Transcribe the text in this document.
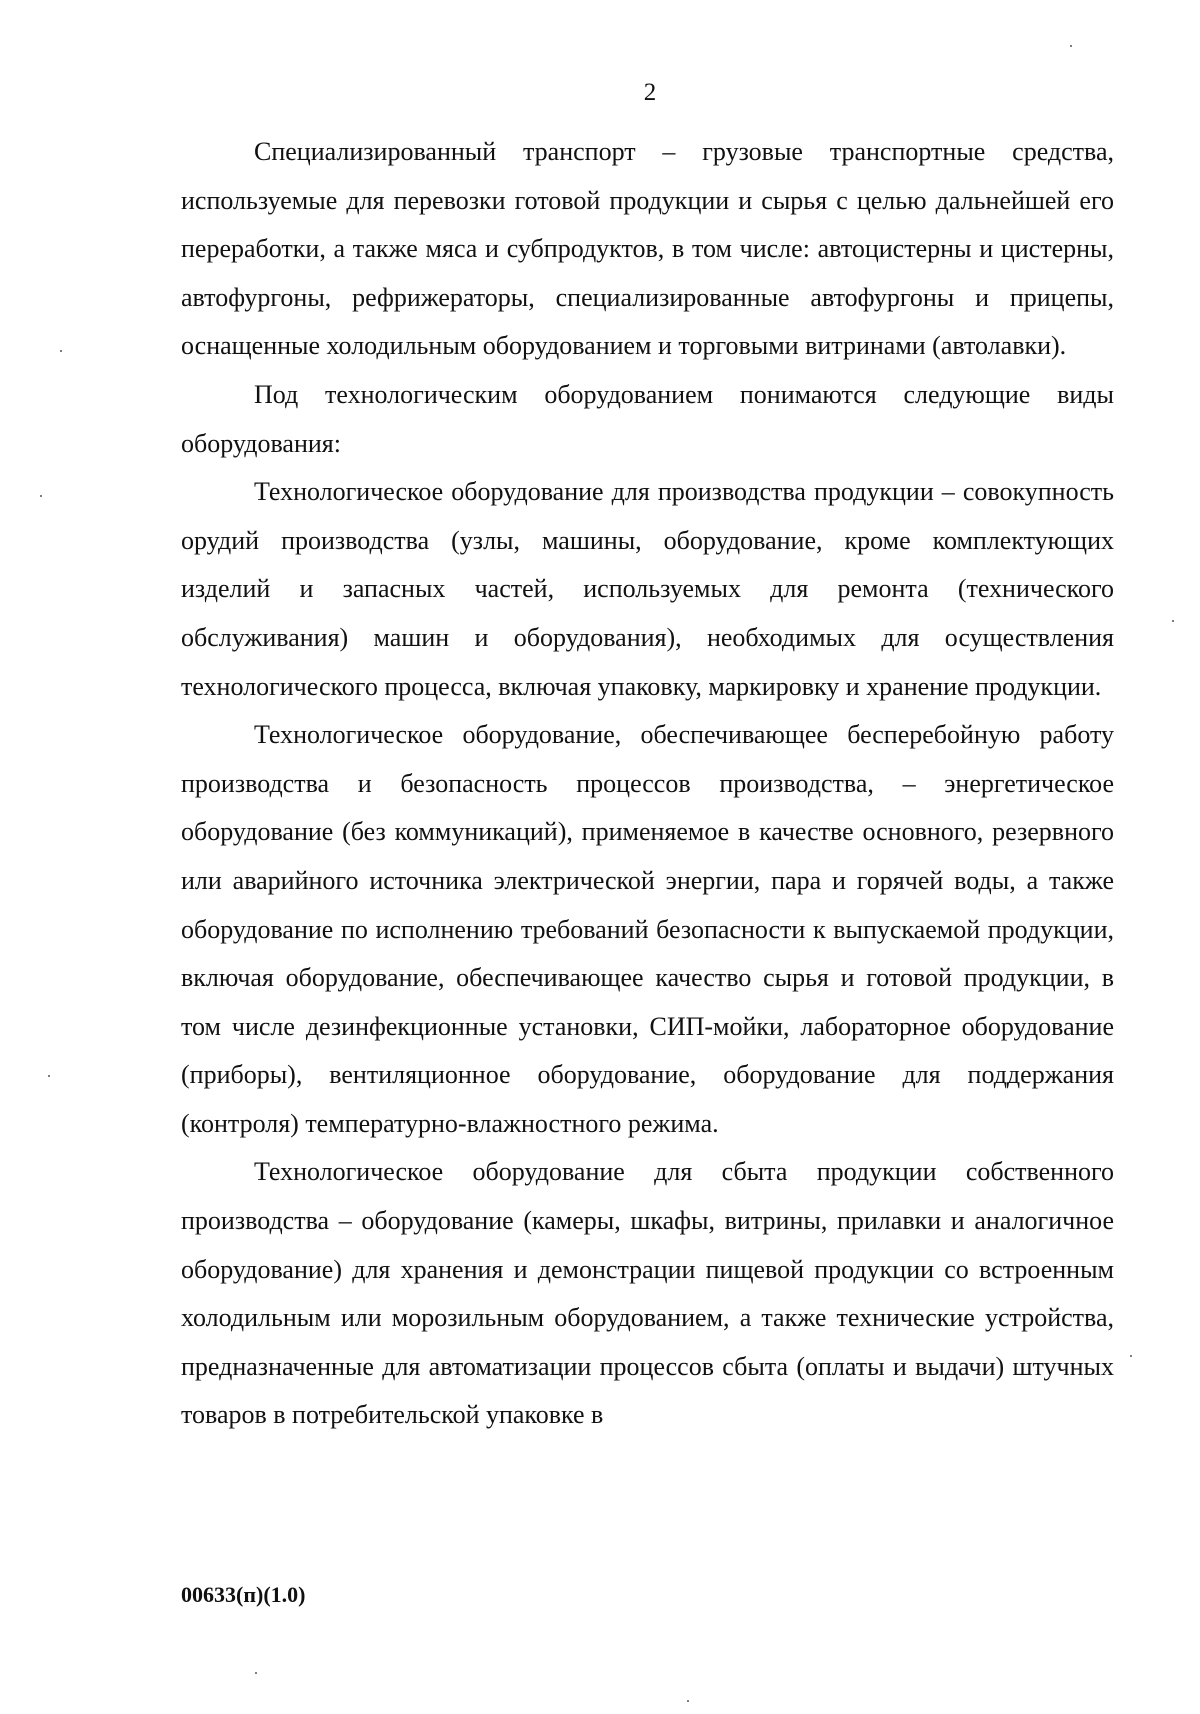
2

Специализированный транспорт – грузовые транспортные средства, используемые для перевозки готовой продукции и сырья с целью дальнейшей его переработки, а также мяса и субпродуктов, в том числе: автоцистерны и цистерны, автофургоны, рефрижераторы, специализированные автофургоны и прицепы, оснащенные холодильным оборудованием и торговыми витринами (автолавки).

Под технологическим оборудованием понимаются следующие виды оборудования:

Технологическое оборудование для производства продукции – совокупность орудий производства (узлы, машины, оборудование, кроме комплектующих изделий и запасных частей, используемых для ремонта (технического обслуживания) машин и оборудования), необходимых для осуществления технологического процесса, включая упаковку, маркировку и хранение продукции.

Технологическое оборудование, обеспечивающее бесперебойную работу производства и безопасность процессов производства, – энергетическое оборудование (без коммуникаций), применяемое в качестве основного, резервного или аварийного источника электрической энергии, пара и горячей воды, а также оборудование по исполнению требований безопасности к выпускаемой продукции, включая оборудование, обеспечивающее качество сырья и готовой продукции, в том числе дезинфекционные установки, СИП-мойки, лабораторное оборудование (приборы), вентиляционное оборудование, оборудование для поддержания (контроля) температурно-влажностного режима.

Технологическое оборудование для сбыта продукции собственного производства – оборудование (камеры, шкафы, витрины, прилавки и аналогичное оборудование) для хранения и демонстрации пищевой продукции со встроенным холодильным или морозильным оборудованием, а также технические устройства, предназначенные для автоматизации процессов сбыта (оплаты и выдачи) штучных товаров в потребительской упаковке в

00633(п)(1.0)
